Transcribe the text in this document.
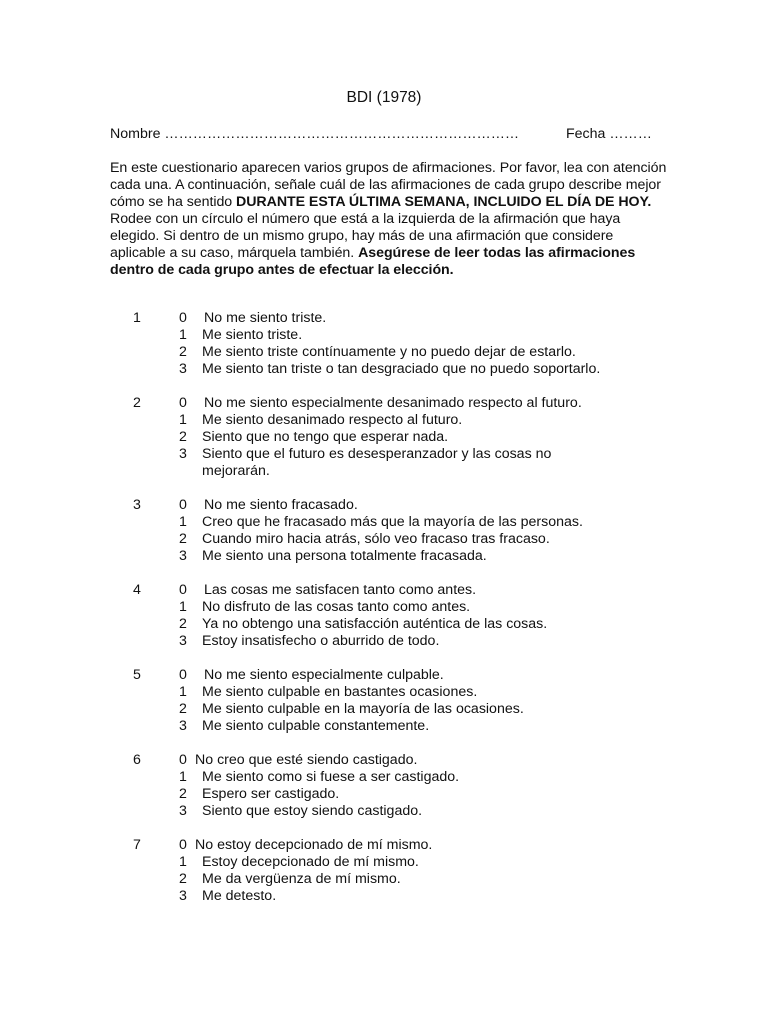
BDI (1978)
Nombre …………………………………………………………………	Fecha ………

En este cuestionario aparecen varios grupos de afirmaciones. Por favor, lea con atención cada una. A continuación, señale cuál de las afirmaciones de cada grupo describe mejor cómo se ha sentido DURANTE ESTA ÚLTIMA SEMANA, INCLUIDO EL DÍA DE HOY. Rodee con un círculo el número que está a la izquierda de la afirmación que haya elegido. Si dentro de un mismo grupo, hay más de una afirmación que considere aplicable a su caso, márquela también. Asegúrese de leer todas las afirmaciones dentro de cada grupo antes de efectuar la elección.

1	0 No me siento triste.
1 Me siento triste.
2 Me siento triste contínuamente y no puedo dejar de estarlo.
3 Me siento tan triste o tan desgraciado que no puedo soportarlo.
2	0 No me siento especialmente desanimado respecto al futuro.
1 Me siento desanimado respecto al futuro.
2 Siento que no tengo que esperar nada.
3 Siento que el futuro es desesperanzador y las cosas no mejorarán.
3	0 No me siento fracasado.
1 Creo que he fracasado más que la mayoría de las personas.
2 Cuando miro hacia atrás, sólo veo fracaso tras fracaso.
3 Me siento una persona totalmente fracasada.
4	0 Las cosas me satisfacen tanto como antes.
1 No disfruto de las cosas tanto como antes.
2 Ya no obtengo una satisfacción auténtica de las cosas.
3 Estoy insatisfecho o aburrido de todo.
5	0 No me siento especialmente culpable.
1 Me siento culpable en bastantes ocasiones.
2 Me siento culpable en la mayoría de las ocasiones.
3 Me siento culpable constantemente.
6	0 No creo que esté siendo castigado.
1 Me siento como si fuese a ser castigado.
2 Espero ser castigado.
3 Siento que estoy siendo castigado.
7	0 No estoy decepcionado de mí mismo.
1 Estoy decepcionado de mí mismo.
2 Me da vergüenza de mí mismo.
3 Me detesto.
